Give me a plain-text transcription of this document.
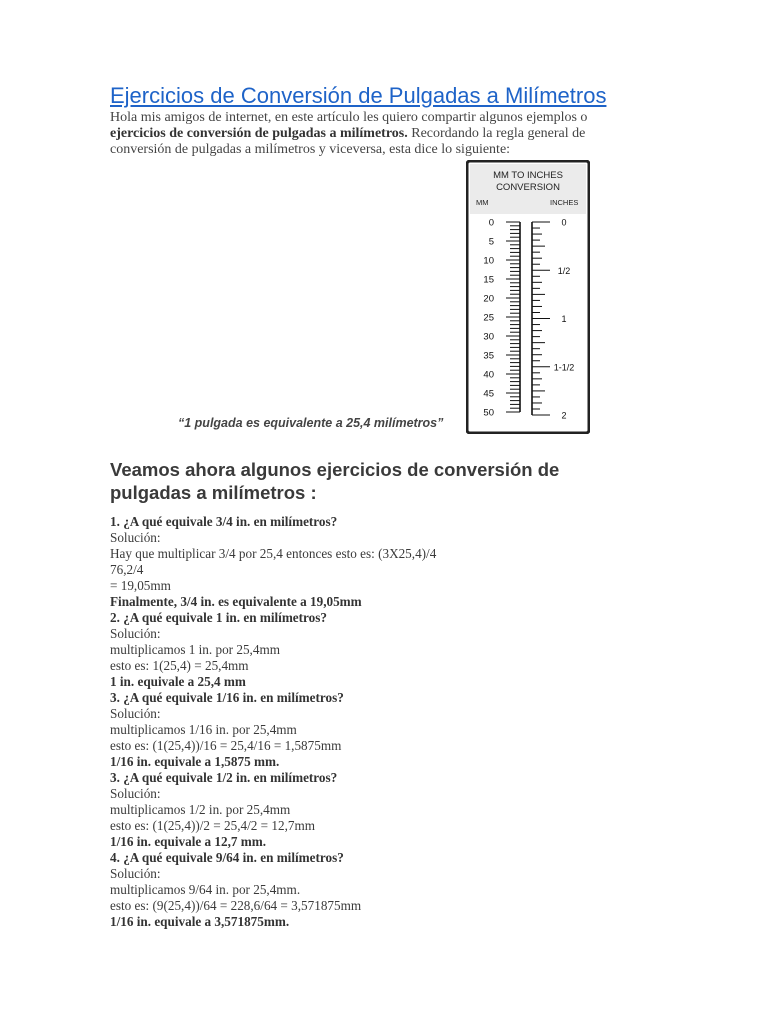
Ejercicios de Conversión de Pulgadas a Milímetros

Hola mis amigos de internet, en este artículo les quiero compartir algunos ejemplos o ejercicios de conversión de pulgadas a milímetros. Recordando la regla general de conversión de pulgadas a milímetros y viceversa, esta dice lo siguiente:

MM TO INCHES
CONVERSION
MM	INCHES
0
5
10
15
20
25
30
35
40
45
50
0
1/2
1
1-1/2
2
“1 pulgada es equivalente a 25,4 milímetros”
Veamos ahora algunos ejercicios de conversión de pulgadas a milímetros :
1. ¿A qué equivale 3/4 in. en milímetros?
Solución:
Hay que multiplicar 3/4 por 25,4 entonces esto es: (3X25,4)/4
76,2/4
= 19,05mm
Finalmente, 3/4 in. es equivalente a 19,05mm
2. ¿A qué equivale 1 in. en milímetros?
Solución:
multiplicamos 1 in. por 25,4mm
esto es: 1(25,4) = 25,4mm
1 in. equivale a 25,4 mm
3. ¿A qué equivale 1/16 in. en milímetros?
Solución:
multiplicamos 1/16 in. por 25,4mm
esto es: (1(25,4))/16 = 25,4/16 = 1,5875mm
1/16 in. equivale a 1,5875 mm.
3. ¿A qué equivale 1/2 in. en milímetros?
Solución:
multiplicamos 1/2 in. por 25,4mm
esto es: (1(25,4))/2 = 25,4/2 = 12,7mm
1/16 in. equivale a 12,7 mm.
4. ¿A qué equivale 9/64 in. en milímetros?
Solución:
multiplicamos 9/64 in. por 25,4mm.
esto es: (9(25,4))/64 = 228,6/64 = 3,571875mm
1/16 in. equivale a 3,571875mm.
